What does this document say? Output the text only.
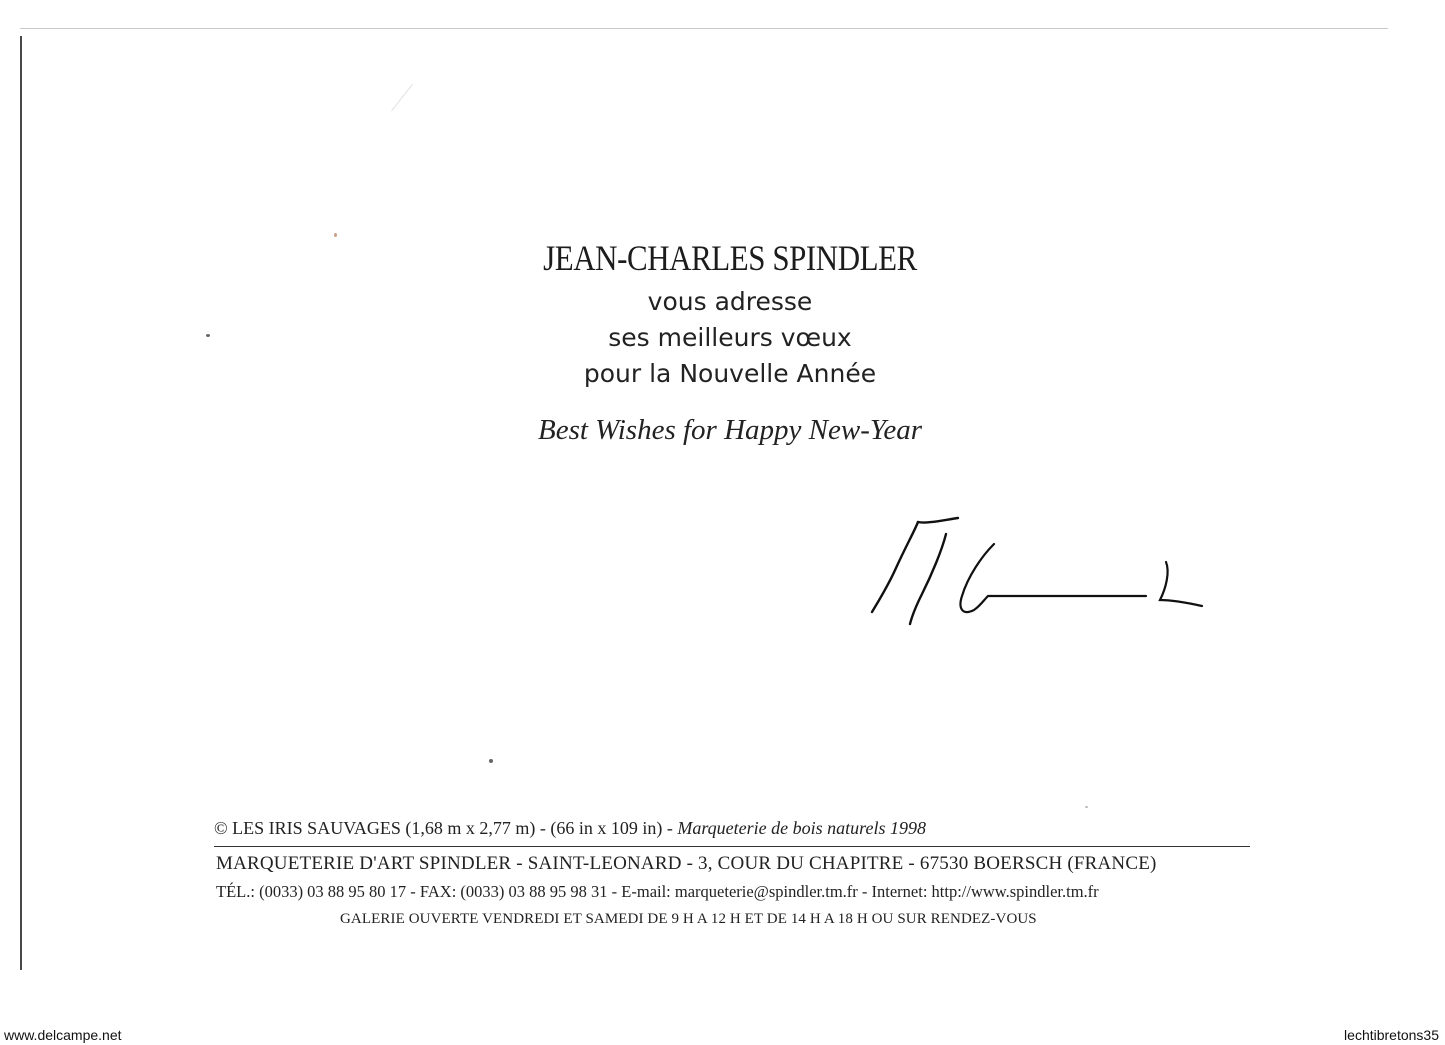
JEAN-CHARLES SPINDLER

vous adresse

ses meilleurs vœux

pour la Nouvelle Année

Best Wishes for Happy New-Year

© LES IRIS SAUVAGES (1,68 m x 2,77 m) - (66 in x 109 in) - Marqueterie de bois naturels 1998
MARQUETERIE D'ART SPINDLER - SAINT-LEONARD - 3, COUR DU CHAPITRE - 67530 BOERSCH (FRANCE)
TÉL.: (0033) 03 88 95 80 17 - FAX: (0033) 03 88 95 98 31 - E-mail: marqueterie@spindler.tm.fr - Internet: http://www.spindler.tm.fr
GALERIE OUVERTE VENDREDI ET SAMEDI DE 9 H A 12 H ET DE 14 H A 18 H OU SUR RENDEZ-VOUS
www.delcampe.net	lechtibretons35
